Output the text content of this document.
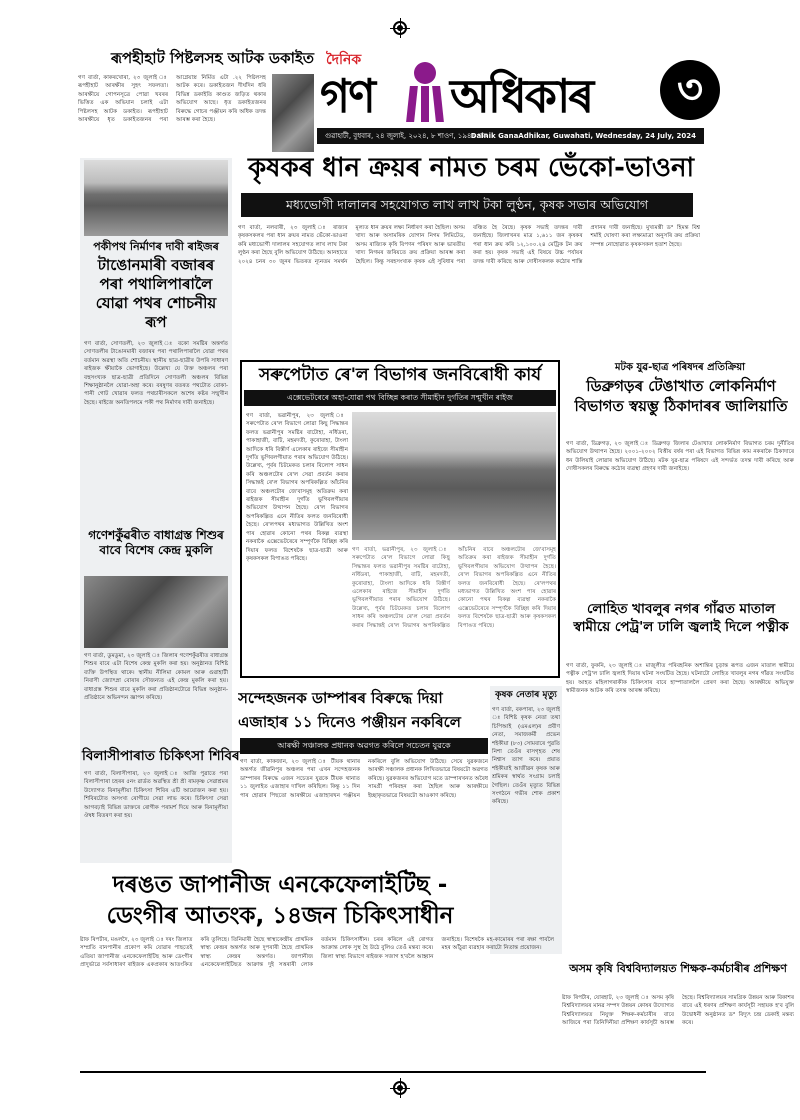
ৰূপহীহাট পিষ্টলসহ আটক ডকাইত
গণ বাৰ্তা, কাকৰখোৰা, ২৩ জুলাই ঃ ৰূপহীহাট আৰক্ষীৰ সুহৎ সফলতা। আৰক্ষীয়ে গোপনসূত্ৰে পোৱা খবৰৰ ভিত্তিত এক অভিযান চলাই এটা পিষ্টলসহ আটক ডকাইত। ৰূপহীহাট আৰক্ষীয়ে ধৃত ডকাইতজনৰ পৰা আগ্নেয়াস্ত্ৰ নিৰ্মিত এটা .২২ পিষ্টলসহ আটক কৰে। ডকাইতজন দীৰ্ঘদিন ধৰি বিভিন্ন ডকাইতি কাণ্ডত জড়িত থকাৰ অভিযোগ আছে। ধৃত ডকাইতজনৰ বিৰুদ্ধে গোচৰ পঞ্জীয়ন কৰি অধিক তদন্ত আৰম্ভ কৰা হৈছে।
দৈনিক
গণ অধিকাৰ	৩
গুৱাহাটী, বুধবাৰ, ২৪ জুলাই, ২০২৪, ৮ শাওণ, ১৯৪৬ শক
Dainik GanaAdhikar, Guwahati, Wednesday, 24 July, 2024
পকীপথ নিৰ্মাণৰ দাবী ৰাইজৰ
টাঙোনমাৰী বজাৰৰ পৰা পথালিপাৰালৈ যোৱা পথৰ শোচনীয় ৰূপ
গণ বাৰ্তা, সোণতলী, ২৩ জুলাই ঃ বকো সমষ্টিৰ অন্তৰ্গত সোণতলীৰ টাঙোনমাৰী বজাৰৰ পৰা পথালিপাৰালৈ যোৱা পথৰ বৰ্তমান অৱস্থা অতি শোচনীয়। স্থানীয় ছাত্ৰ-ছাত্ৰীৰ উপৰি সাধাৰণ ৰাইজক ক্ষীয়াকৈ ভোগাইছে। উল্লেখ্য যে উক্ত অঞ্চলৰ পৰা বহুসংখ্যক ছাত্ৰ-ছাত্ৰী প্ৰতিদিনে সোণতলী অঞ্চলৰ বিভিন্ন শিক্ষানুষ্ঠানলৈ যোৱা-অহা কৰে। বৰষুণৰ বতৰত পথটোত বোকা-পানী গোট খোৱাৰ ফলত পথচাৰীসকলে অশেষ কষ্টৰ সন্মুখীন হৈছে। ৰাইজে অনতিপলমে পকী পথ নিৰ্মাণৰ দাবী জনাইছে।
গণেশকুঁৱৰীত বাধাগ্ৰস্ত শিশুৰ বাবে বিশেষ কেন্দ্ৰ মুকলি
গণ বাৰ্তা, ডুমডুমা, ২৩ জুলাই ঃ জিলাৰ গণেশকুঁৱৰীত বাধাগ্ৰস্ত শিশুৰ বাবে এটা বিশেষ কেন্দ্ৰ মুকলি কৰা হয়। অনুষ্ঠানত বিশিষ্ট ব্যক্তি উপস্থিত থাকে। স্থানীয় নীলিমা কোমল আৰু গুৱাহাটী নিবাসী জ্যোৎস্না বোৰাৰ সৌজন্যত এই কেন্দ্ৰ মুকলি কৰা হয়। বাধাগ্ৰস্ত শিশুৰ বাবে মুকলি কৰা প্ৰতিষ্ঠানটোৱে বিভিন্ন অনুষ্ঠান-প্ৰতিষ্ঠানে অভিনন্দন জ্ঞাপন কৰিছে।
বিলাসীপাৰাত চিকিৎসা শিবিৰ
গণ বাৰ্তা, বিলাসীপাৰা, ২৩ জুলাই ঃ আজি পুৱাতে পৰা বিলাসীপাৰা চহৰৰ ৫নং ৱাৰ্ডত অৱস্থিত শ্ৰী শ্ৰী ৰামকৃষ্ণ সেৱাশ্ৰমৰ উদ্যোগত বিনামূলীয়া চিকিৎসা শিবিৰ এটি আয়োজন কৰা হয়। শিবিৰটোত অসংখ্য ৰোগীয়ে সেৱা লাভ কৰে। চিকিৎসা সেৱা আগবঢ়াই বিভিন্ন ডাক্তৰে ৰোগীক পৰামৰ্শ দিয়ে আৰু বিনামূলীয়া ঔষধ বিতৰণ কৰা হয়।
কৃষকৰ ধান ক্ৰয়ৰ নামত চৰম ভেঁকো-ভাওনা
মধ্যভোগী দালালৰ সহযোগত লাখ লাখ টকা লুণ্ঠন, কৃষক সভাৰ অভিযোগ
গণ বাৰ্তা, নলবাৰী, ২৩ জুলাই ঃ ৰাজ্যৰ কৃষকসকলৰ পৰা ধান ক্ৰয়ৰ নামত ভেঁকো-ভাওনা কৰি মধ্যভোগী দালালৰ সহযোগত লাখ লাখ টকা লুণ্ঠন কৰা হৈছে বুলি অভিযোগ উঠিছে। আনহাতে ২০২৪ চনৰ ৩০ জুনৰ ভিতৰত ন্যূনতম সমৰ্থন মূল্যত ধান ক্ৰয়ৰ লক্ষ্য নিৰ্ধাৰণ কৰা হৈছিল। অসম খাদ্য আৰু অসামৰিক যোগান নিগম লিমিটেড, অসম ৰাজ্যিক কৃষি বিপণন পৰিষদ আৰু ভাৰতীয় খাদ্য নিগমৰ জৰিয়তে ক্ৰয় প্ৰক্ৰিয়া আৰম্ভ কৰা হৈছিল। কিন্তু সৰহসংখ্যক কৃষক এই সুবিধাৰ পৰা বঞ্চিত হৈ ৰৈছে। কৃষক সভাই তদন্তৰ দাবী জনাইছে। জিলাখনৰ মাত্ৰ ১,৬১১ জন কৃষকৰ পৰা ধান ক্ৰয় কৰি ১২,১০০.২৪ মেট্ৰিক টন ক্ৰয় কৰা হয়। কৃষক সভাই এই বিষয়ে উচ্চ পৰ্যায়ৰ তদন্ত দাবী কৰিছে আৰু দোষীসকলক কঠোৰ শাস্তি প্ৰদানৰ দাবী জনাইছে। মুখ্যমন্ত্ৰী ড° হিমন্ত বিশ্ব শৰ্মাই ঘোষণা কৰা লক্ষ্যমাত্ৰা অনুসৰি ক্ৰয় প্ৰক্ৰিয়া সম্পন্ন নোহোৱাত কৃষকসকল হতাশ হৈছে।
সৰুপেটাত ৰে'ল বিভাগৰ জনবিৰোধী কাৰ্য
এক্সেভেটৰেৰে অহা-যোৱা পথ বিচ্ছিন্ন কৰাত সীমাহীন দুৰ্গতিৰ সন্মুখীন ৰাইজ
গণ বাৰ্তা, ভৱানীপুৰ, ২৩ জুলাই ঃ সৰুপেটাত ৰে'ল বিভাগে লোৱা কিছু সিদ্ধান্তৰ ফলত ভৱানীপুৰ সমষ্টিৰ বাটোহা, নৰ্ধিডৰা, পাকাহাজী, বাটি, মহমদতী, কুৰোবাহা, টাংলা আদিকে ধৰি বিস্তীৰ্ণ এলেকাৰ ৰাইজে সীমাহীন দুৰ্গতি ভুগিবলগীয়াত পৰাৰ অভিযোগ উঠিছে। উল্লেখ্য, পূৰ্বৰ চিটমেকত চলাৰ বিলোপ সাধন কৰি অঞ্চলটোৰ ৰে'ল সেৱা প্ৰবৰ্তন কৰাৰ সিদ্ধান্তই ৰে'ল বিভাগৰ অপৰিকল্পিত আঁচনিৰ বাবে অঞ্চলটোৰ জে'বাসমূহ অতিক্ৰম কৰা ৰাইজক সীমাহীন দুৰ্গতি ভুগিবলগীয়াৰ অভিযোগ উত্থাপন হৈছে। ৰে'ল বিভাগৰ অপৰিকল্পিত এনে নীতিৰ ফলত জনবিৰোধী হৈছে। ৰে'লপথৰ মধ্যভাগত উল্লিখিত অংশ পাৰ হোৱাৰ কোনো পথৰ বিকল্প ব্যৱস্থা নকৰাকৈ এক্সেভেটৰেৰে সম্পূৰ্ণকৈ বিচ্ছিন্ন কৰি দিয়াৰ ফলত বিশেষকৈ ছাত্ৰ-ছাত্ৰী আৰু কৃষকসকল বিপাঙত পৰিছে।
গণ বাৰ্তা, ভৱানীপুৰ, ২৩ জুলাই ঃ সৰুপেটাত ৰে'ল বিভাগে লোৱা কিছু সিদ্ধান্তৰ ফলত ভৱানীপুৰ সমষ্টিৰ বাটোহা, নৰ্ধিডৰা, পাকাহাজী, বাটি, মহমদতী, কুৰোবাহা, টাংলা আদিকে ধৰি বিস্তীৰ্ণ এলেকাৰ ৰাইজে সীমাহীন দুৰ্গতি ভুগিবলগীয়াত পৰাৰ অভিযোগ উঠিছে। উল্লেখ্য, পূৰ্বৰ চিটমেকত চলাৰ বিলোপ সাধন কৰি অঞ্চলটোৰ ৰে'ল সেৱা প্ৰবৰ্তন কৰাৰ সিদ্ধান্তই ৰে'ল বিভাগৰ অপৰিকল্পিত আঁচনিৰ বাবে অঞ্চলটোৰ জে'বাসমূহ অতিক্ৰম কৰা ৰাইজক সীমাহীন দুৰ্গতি ভুগিবলগীয়াৰ অভিযোগ উত্থাপন হৈছে। ৰে'ল বিভাগৰ অপৰিকল্পিত এনে নীতিৰ ফলত জনবিৰোধী হৈছে। ৰে'লপথৰ মধ্যভাগত উল্লিখিত অংশ পাৰ হোৱাৰ কোনো পথৰ বিকল্প ব্যৱস্থা নকৰাকৈ এক্সেভেটৰেৰে সম্পূৰ্ণকৈ বিচ্ছিন্ন কৰি দিয়াৰ ফলত বিশেষকৈ ছাত্ৰ-ছাত্ৰী আৰু কৃষকসকল বিপাঙত পৰিছে।
মটক যুৱ-ছাত্ৰ পৰিষদৰ প্ৰতিক্ৰিয়া
ডিব্ৰুগড়ৰ টেঙাখাত লোকনিৰ্মাণ বিভাগত স্বয়ম্ভু ঠিকাদাৰৰ জালিয়াতি
গণ বাৰ্তা, ডিব্ৰুগড়, ২৩ জুলাই ঃ ডিব্ৰুগড় জিলাৰ টেঙাখাত লোকনিৰ্মাণ বিভাগত চৰম দুৰ্নীতিৰ অভিযোগ উত্থাপন হৈছে। ২০০১-২০০২ বিত্তীয় বৰ্ষৰ পৰা এই বিভাগত বিভিন্ন কাম নকৰাকৈ ঠিকাদাৰে ধন উলিয়াই লোৱাৰ অভিযোগ উঠিছে। মটক যুৱ-ছাত্ৰ পৰিষদে এই সন্দৰ্ভত তদন্ত দাবী কৰিছে আৰু দোষীসকলৰ বিৰুদ্ধে কঠোৰ ব্যৱস্থা গ্ৰহণৰ দাবী জনাইছে।
লোহিত খাবলুৰ নগৰ গাঁৱত মাতাল স্বামীয়ে পেট্ৰ'ল ঢালি জ্বলাই দিলে পত্নীক
গণ বাৰ্তা, ফুকনি, ২৩ জুলাই ঃ মাজুলীত পৰিবহনিক অশান্তিৰ চূড়ান্ত ৰূপত এজন মাতাল স্বামীয়ে পত্নীক পেট্ৰ'ল ঢালি জ্বলাই দিয়াৰ ঘটনা সংঘটিত হৈছে। ঘটনাটো লোহিত খাবলুৰ নগৰ গাঁৱত সংঘটিত হয়। আহত মহিলাগৰাকীক চিকিৎসাৰ বাবে হাস্পাতাললৈ প্ৰেৰণ কৰা হৈছে। আৰক্ষীয়ে অভিযুক্ত স্বামীজনক আটক কৰি তদন্ত আৰম্ভ কৰিছে।
সন্দেহজনক ডাম্পাৰৰ বিৰুদ্ধে দিয়া এজাহাৰ ১১ দিনেও পঞ্জীয়ন নকৰিলে
আৰক্ষী সঞ্চালক প্ৰধানক অৱগত কৰিলে সচেতন যুৱকে
গণ বাৰ্তা, কাকজান, ২৩ জুলাই ঃ টীয়ক থানাৰ অন্তৰ্গত জীৱনিপুৰ অঞ্চলৰ পৰা এখন সন্দেহজনক ডাম্পাৰৰ বিৰুদ্ধে এজন সচেতন যুৱকে টীয়ক থানাত ১১ জুলাইত এজাহাৰ দাখিল কৰিছিল। কিন্তু ১১ দিন পাৰ হোৱাৰ পিছতো আৰক্ষীয়ে এজাহাৰখন পঞ্জীয়ন নকৰিলে বুলি অভিযোগ উঠিছে। সেয়ে যুৱকজনে আৰক্ষী সঞ্চালক প্ৰধানক লিখিতভাৱে বিষয়টো অৱগত কৰিছে। যুৱকজনৰ অভিযোগ মতে ডাম্পাৰখনত অবৈধ সামগ্ৰী পৰিবহন কৰা হৈছিল আৰু আৰক্ষীয়ে ইচ্ছাকৃতভাৱে বিষয়টো আওকাণ কৰিছে।
কৃষক নেতাৰ মৃত্যু
গণ বাৰ্তা, বকপাৰা, ২৩ জুলাই ঃ বিশিষ্ট কৃষক নেতা তথা চিপিআই (এমএল)ৰ প্ৰবীণ নেতা, সমাজকৰ্মী প্ৰভেন শইকীয়া (৮৩) সোমবাৰে পুৱতি নিশা তেওঁৰ বাসগৃহত শেষ নিশ্বাস ত্যাগ কৰে। প্ৰয়াত শইকীয়াই আজীৱন কৃষক আৰু শ্ৰমিকৰ স্বাৰ্থত সংগ্ৰাম চলাই গৈছিল। তেওঁৰ মৃত্যুত বিভিন্ন সংগঠনে গভীৰ শোক প্ৰকাশ কৰিছে।
দৰঙত জাপানীজ এনকেফেলাইটিছ -
ডেংগীৰ আতংক, ১৪জন চিকিৎসাধীন
ষ্টাফ ৰিপৰ্টাৰ, মঙলদৈ, ২৩ জুলাই ঃ দৰং জিলাত সম্প্ৰতি বানপানীৰ প্ৰকোপ কমি যোৱাৰ পাছতেই এতিয়া জাপানীজ এনকেফেলাইটিছ আৰু ডেংগীৰ প্ৰাদুৰ্ভাৱে সৰ্বসাধাৰণ ৰাইজক একপ্ৰকাৰ আতংকিত কৰি তুলিছে। তিনিমাৰী হৈছে স্বাস্থ্যকেন্দ্ৰীয় প্ৰাথমিক স্বাস্থ্য কেন্দ্ৰৰ অন্তৰ্গত আৰু দুপৰাৰী হৈছে প্ৰাথমিক স্বাস্থ্য কেন্দ্ৰৰ অন্তৰ্গত। জাপানীজ এনকেফেলাইটিছত আক্ৰান্ত দুই সত্তৰাৰী লোক বৰ্তমান চিকিৎসাধীন। চৰৰ কৰিলে এই ৰোগত আক্ৰান্ত লোক সুস্থ হৈ উঠে বুলিও তেওঁ মন্তব্য কৰে। জিলা স্বাস্থ্য বিভাগে ৰাইজক সজাগ হ'বলৈ আহ্বান জনাইছে। বিশেষকৈ মহ-কামোৰৰ পৰা ৰক্ষা পাবলৈ মহৰ আঁঠুৱা ব্যৱহাৰ কৰাটো নিতান্ত প্ৰয়োজন।
অসম কৃষি বিশ্ববিদ্যালয়ত শিক্ষক-কৰ্মচাৰীৰ প্ৰশিক্ষণ
ষ্টাফ ৰিপৰ্টাৰ, যোৰহাট, ২৩ জুলাই ঃ অসম কৃষি বিশ্ববিদ্যালয়ৰ মানৱ সম্পদ উন্নয়ন কোষৰ উদ্যোগত বিশ্ববিদ্যালয়ত নিযুক্ত শিক্ষক-কৰ্মচাৰীৰ বাবে আজিৰে পৰা তিনিদিনীয়া প্ৰশিক্ষণ কাৰ্যসূচী আৰম্ভ হৈছে। বিশ্ববিদ্যালয়ৰ সামগ্ৰিক উন্নয়ন আৰু বিকাশৰ বাবে এই ধৰণৰ প্ৰশিক্ষণ কাৰ্যসূচী সহায়ক হ'ব বুলি উদ্বোধনী অনুষ্ঠানত ড° বিদ্যুৎ চন্দ্ৰ ডেকাই মন্তব্য কৰে।
